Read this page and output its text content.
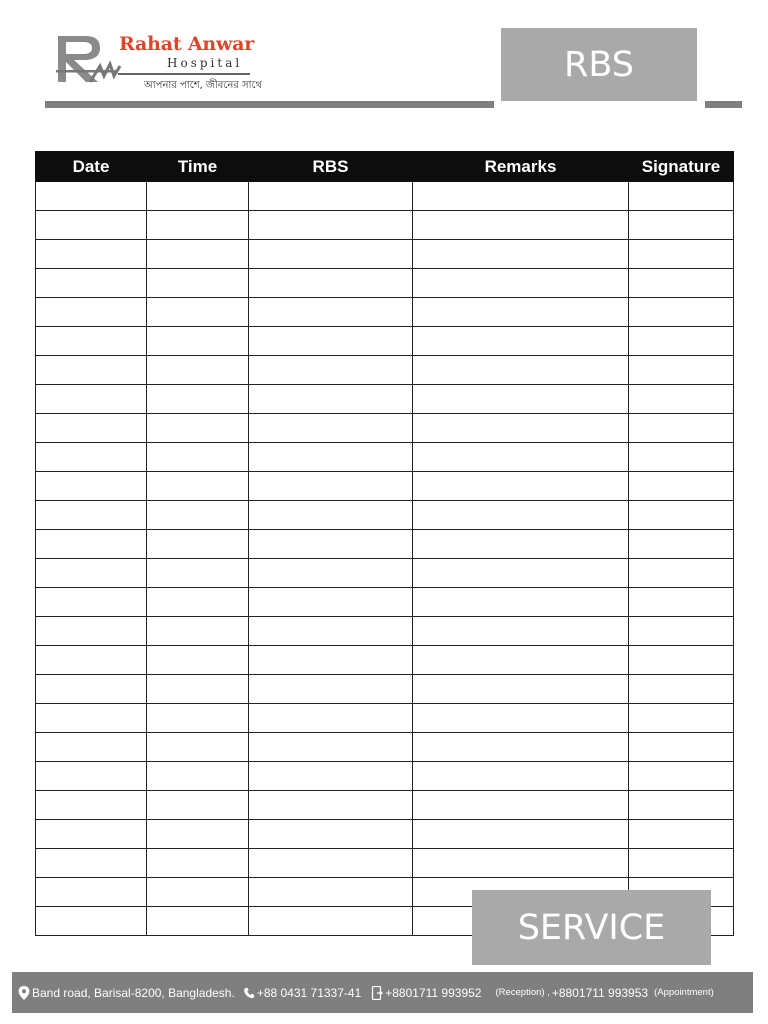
Rahat Anwar
Hospital
আপনার পাশে, জীবনের সাথে
RBS
Date	Time	RBS	Remarks	Signature

SERVICE
Band road, Barisal-8200, Bangladesh. +88 0431 71337-41 +8801711 993952 (Reception) , +8801711 993953 (Appointment)
